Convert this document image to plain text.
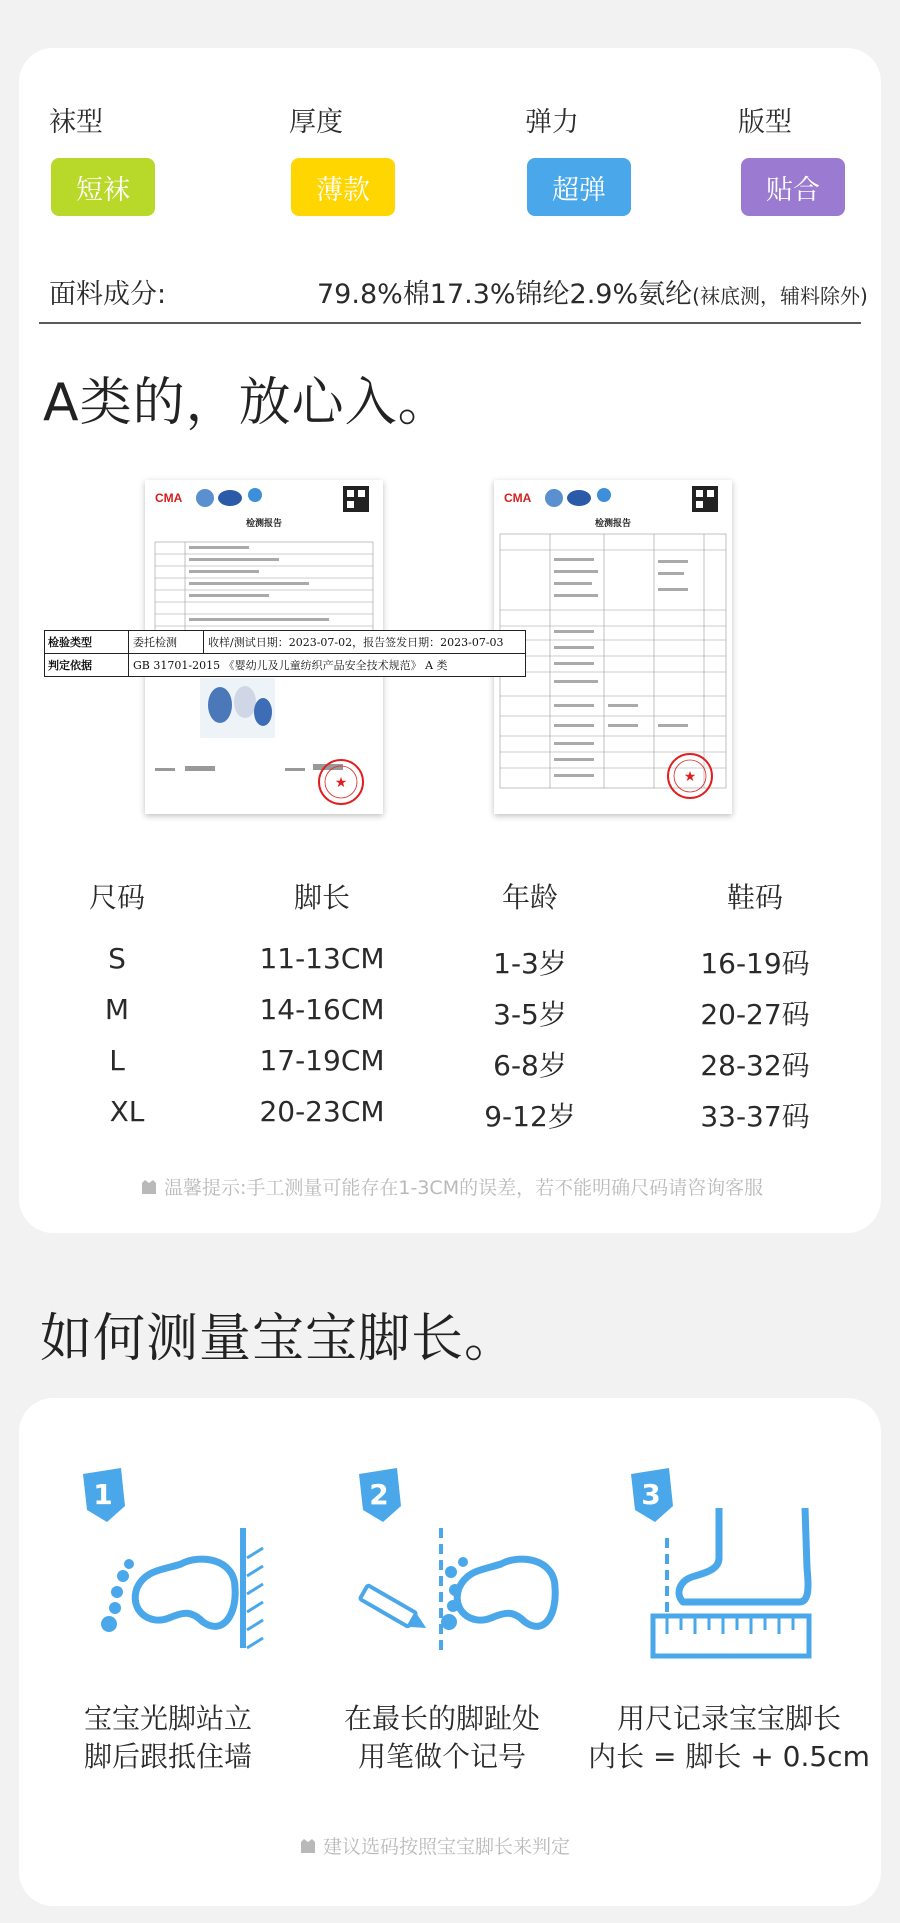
袜型	厚度	弹力	版型
短袜	薄款	超弹	贴合
面料成分:	79.8%棉17.3%锦纶2.9%氨纶(袜底测，辅料除外)
A类的，放心入。
CMA
检测报告
★
CMA
检测报告
★
检验类型	委托检测	收样/测试日期：2023-07-02，报告签发日期：2023-07-03
判定依据	GB 31701-2015 《婴幼儿及儿童纺织产品安全技术规范》 A 类
尺码	脚长	年龄	鞋码
S	11-13CM	1-3岁	16-19码
M	14-16CM	3-5岁	20-27码
L	17-19CM	6-8岁	28-32码
XL	20-23CM	9-12岁	33-37码
温馨提示:手工测量可能存在1-3CM的误差，若不能明确尺码请咨询客服
如何测量宝宝脚长。
1
宝宝光脚站立
脚后跟抵住墙
2
在最长的脚趾处
用笔做个记号
3
用尺记录宝宝脚长
内长 = 脚长 + 0.5cm
建议选码按照宝宝脚长来判定
